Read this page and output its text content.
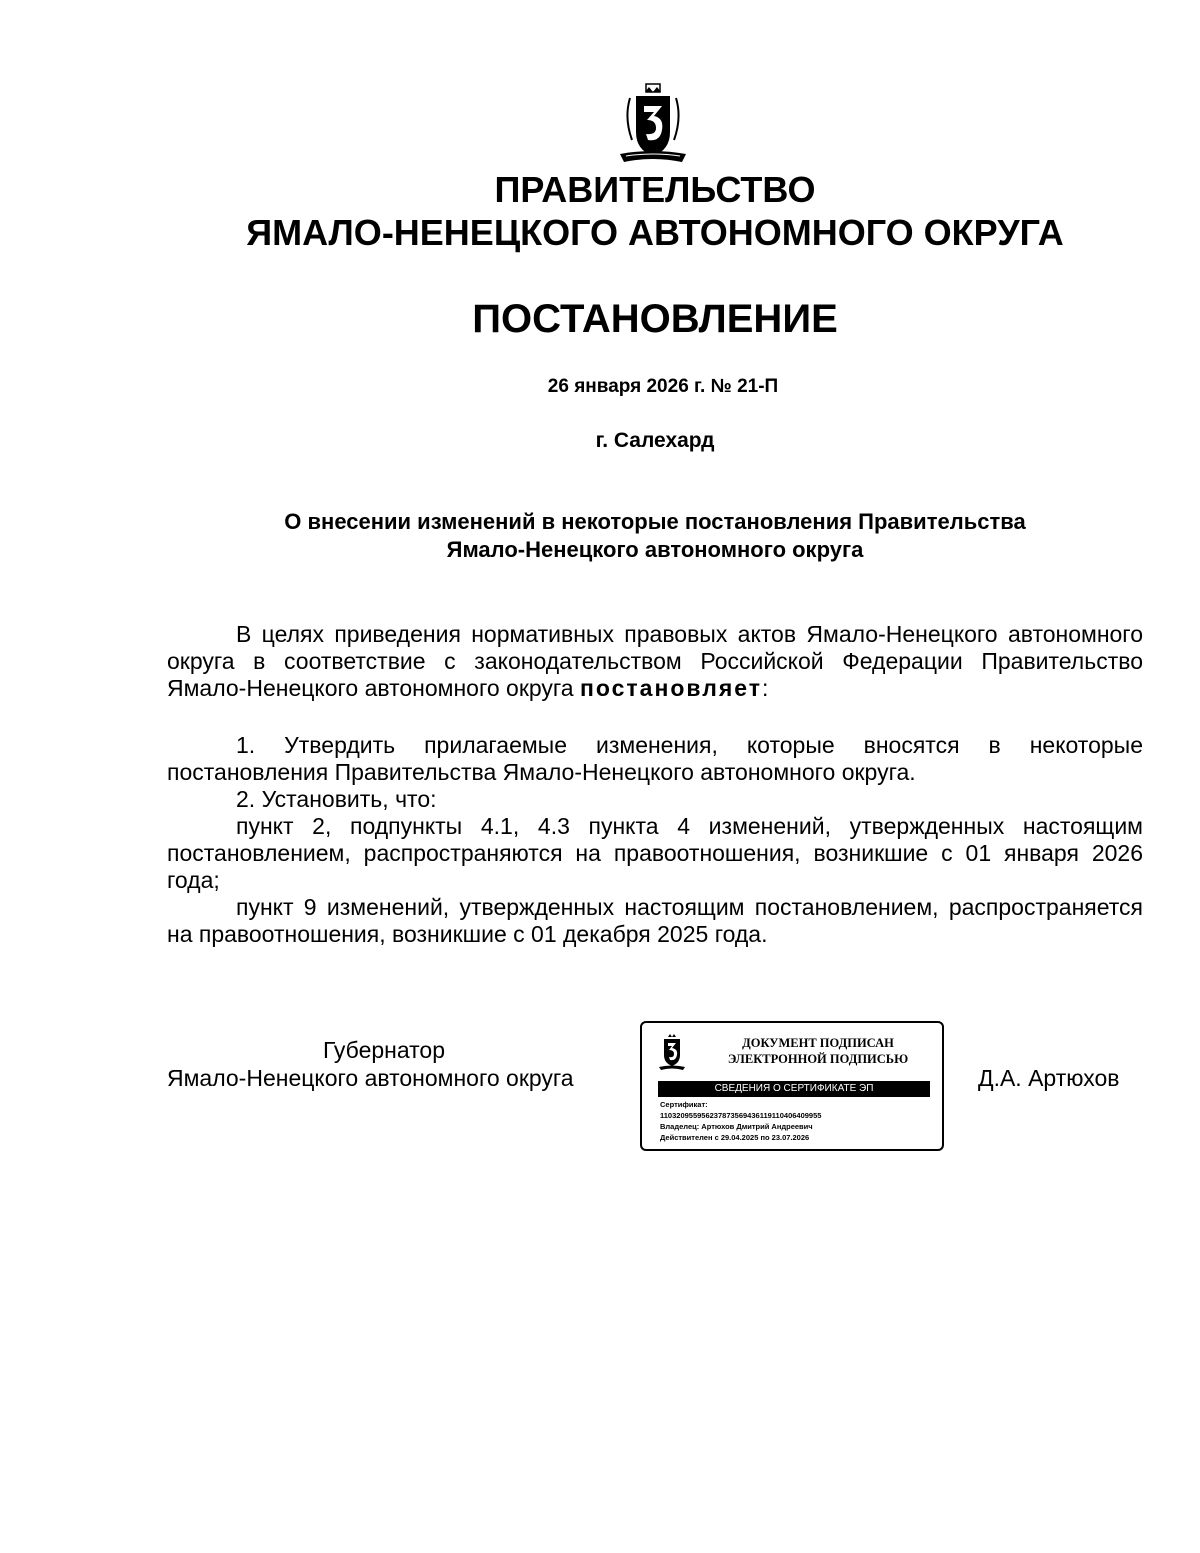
ПРАВИТЕЛЬСТВО
ЯМАЛО-НЕНЕЦКОГО АВТОНОМНОГО ОКРУГА
ПОСТАНОВЛЕНИЕ
26 января 2026 г. № 21-П
г. Салехард
О внесении изменений в некоторые постановления Правительства
Ямало-Ненецкого автономного округа

В целях приведения нормативных правовых актов Ямало-Ненецкого автономного округа в соответствие с законодательством Российской Федерации Правительство Ямало-Ненецкого автономного округа постановляет:

1. Утвердить прилагаемые изменения, которые вносятся в некоторые постановления Правительства Ямало-Ненецкого автономного округа.

2. Установить, что:

пункт 2, подпункты 4.1, 4.3 пункта 4 изменений, утвержденных настоящим постановлением, распространяются на правоотношения, возникшие с 01 января 2026 года;

пункт 9 изменений, утвержденных настоящим постановлением, распространяется на правоотношения, возникшие с 01 декабря 2025 года.

Губернатор
Ямало-Ненецкого автономного округа
ДОКУМЕНТ ПОДПИСАН
ЭЛЕКТРОННОЙ ПОДПИСЬЮ
СВЕДЕНИЯ О СЕРТИФИКАТЕ ЭП
Сертификат:
110320955956237873569436119110406409955
Владелец: Артюхов Дмитрий Андреевич
Действителен с 29.04.2025 по 23.07.2026
Д.А. Артюхов
